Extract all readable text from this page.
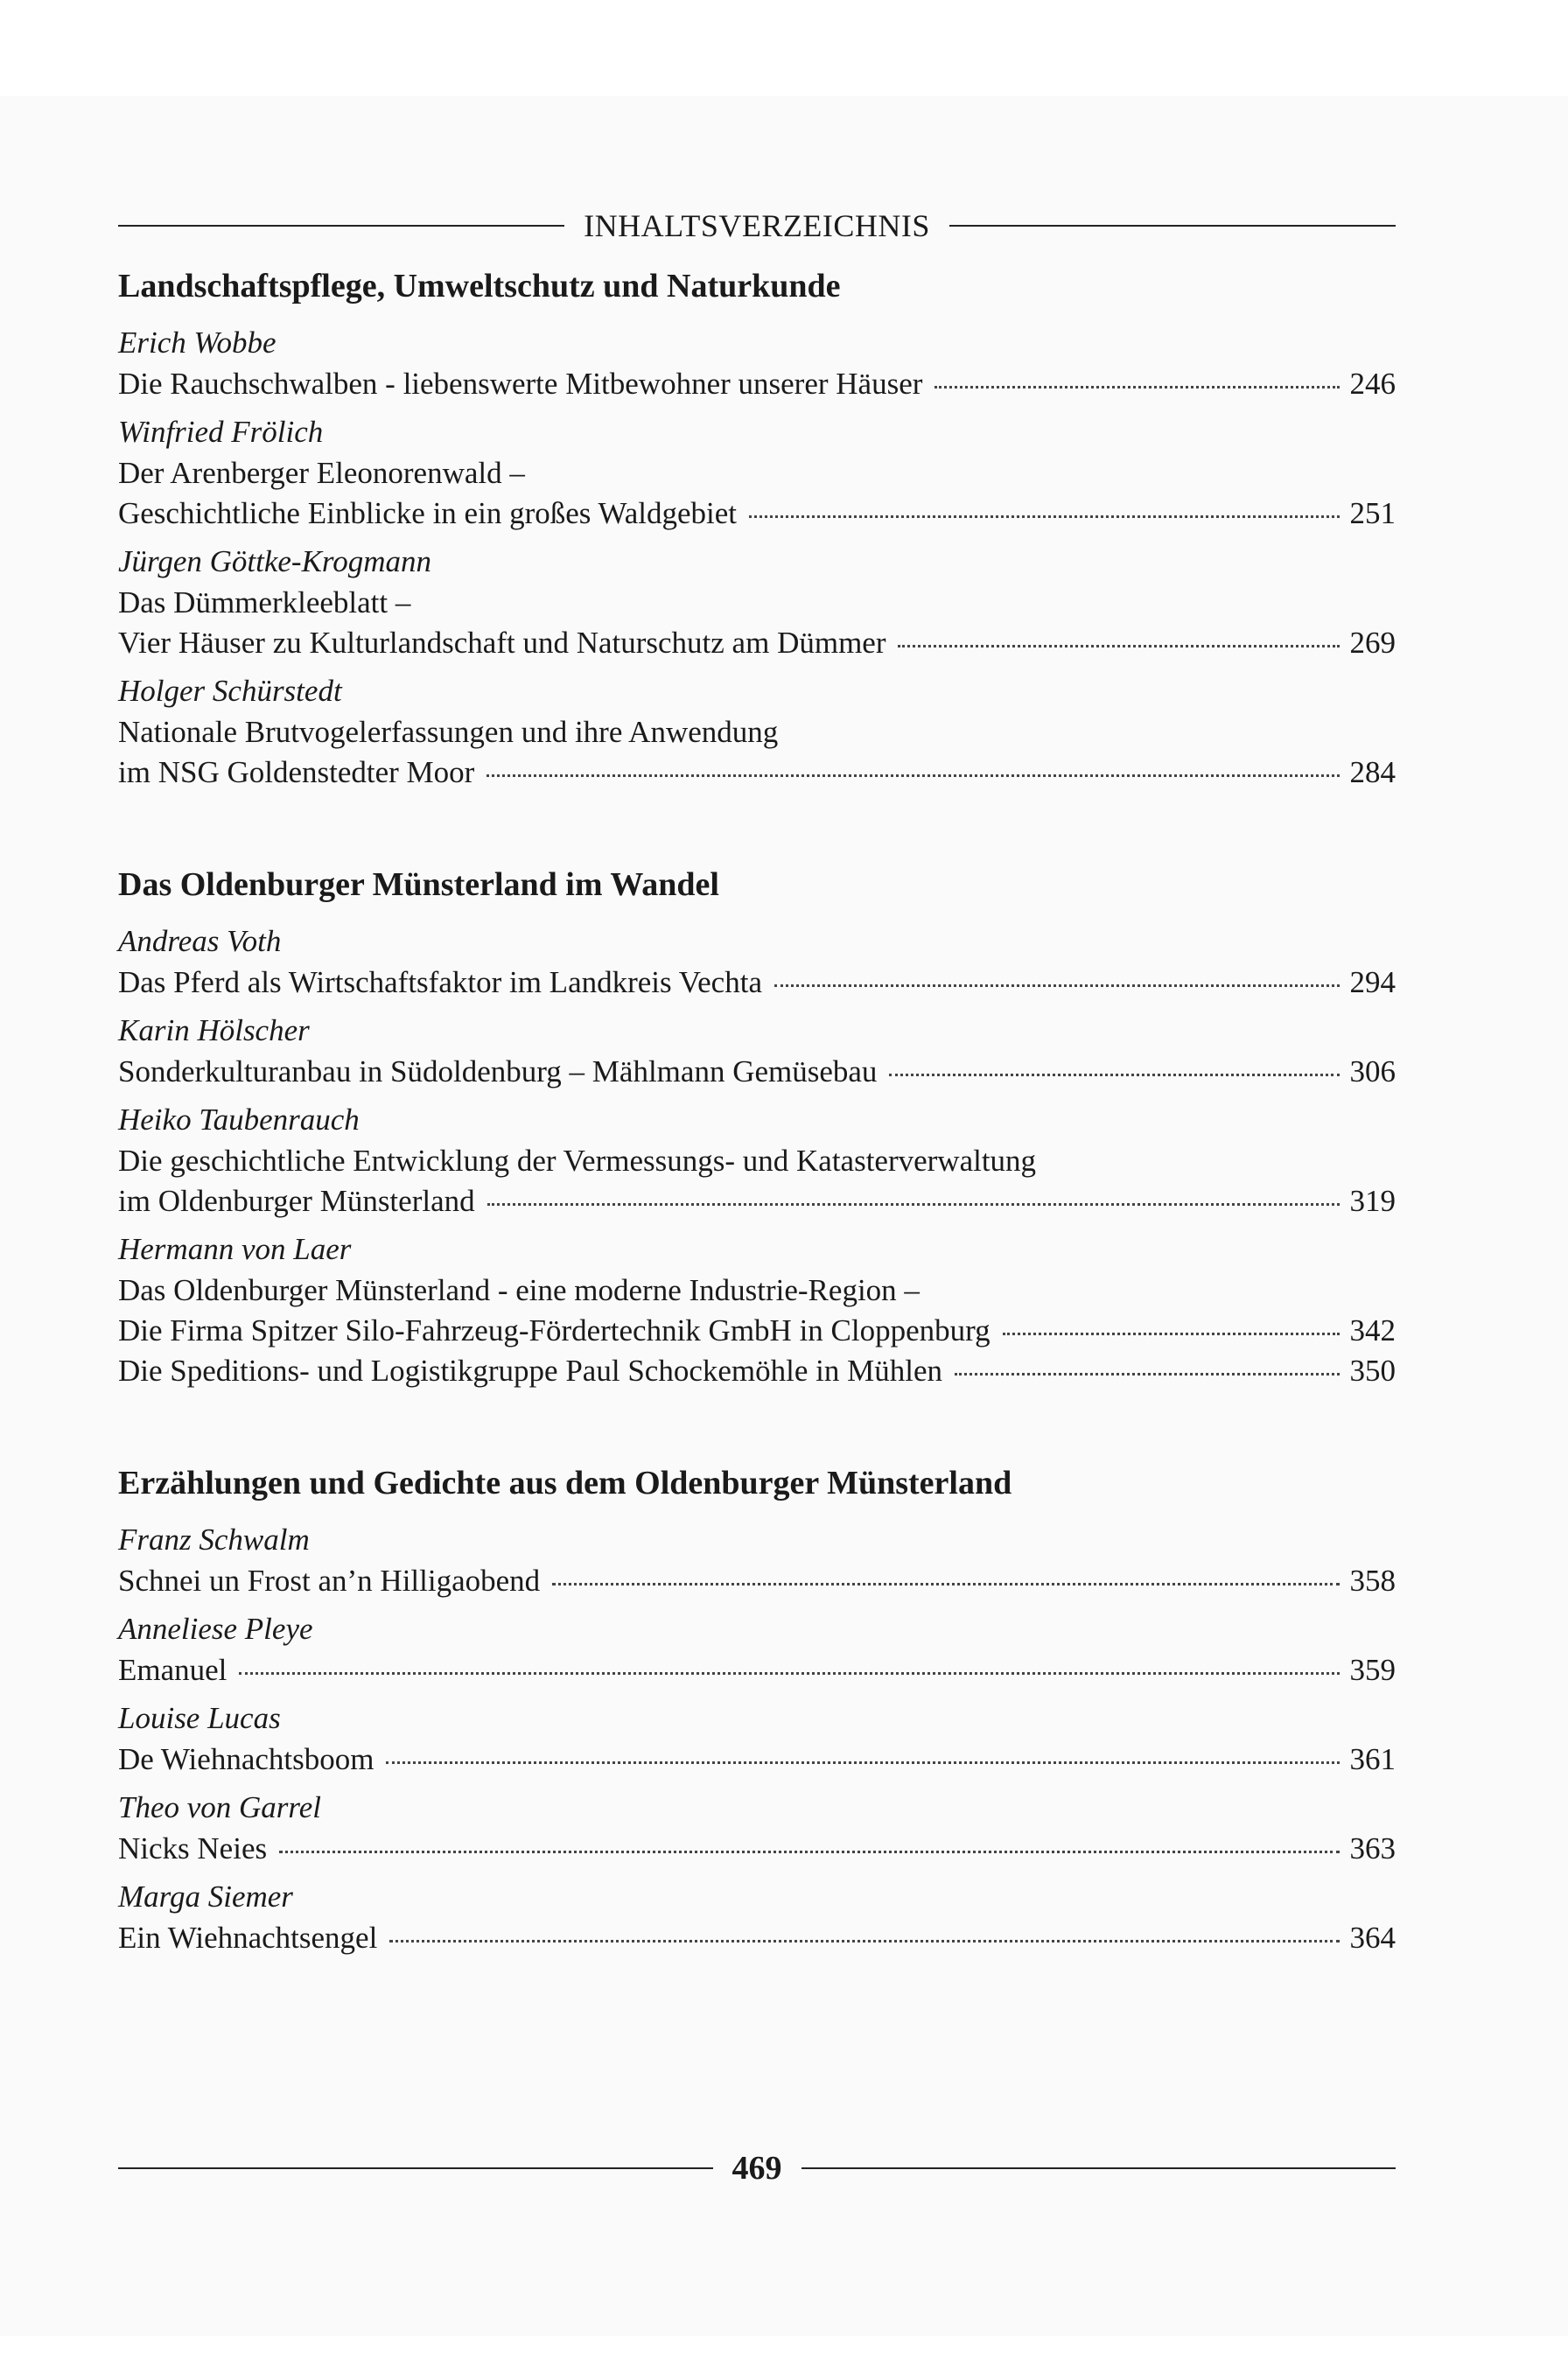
INHALTSVERZEICHNIS
Landschaftspflege, Umweltschutz und Naturkunde
Erich Wobbe
Die Rauchschwalben - liebenswerte Mitbewohner unserer Häuser	246
Winfried Frölich
Der Arenberger Eleonorenwald –
Geschichtliche Einblicke in ein großes Waldgebiet	251
Jürgen Göttke-Krogmann
Das Dümmerkleeblatt –
Vier Häuser zu Kulturlandschaft und Naturschutz am Dümmer	269
Holger Schürstedt
Nationale Brutvogelerfassungen und ihre Anwendung
im NSG Goldenstedter Moor	284
Das Oldenburger Münsterland im Wandel
Andreas Voth
Das Pferd als Wirtschaftsfaktor im Landkreis Vechta	294
Karin Hölscher
Sonderkulturanbau in Südoldenburg – Mählmann Gemüsebau	306
Heiko Taubenrauch
Die geschichtliche Entwicklung der Vermessungs- und Katasterverwaltung
im Oldenburger Münsterland	319
Hermann von Laer
Das Oldenburger Münsterland - eine moderne Industrie-Region –
Die Firma Spitzer Silo-Fahrzeug-Fördertechnik GmbH in Cloppenburg	342
Die Speditions- und Logistikgruppe Paul Schockemöhle in Mühlen	350
Erzählungen und Gedichte aus dem Oldenburger Münsterland
Franz Schwalm
Schnei un Frost an’n Hilligaobend	358
Anneliese Pleye
Emanuel	359
Louise Lucas
De Wiehnachtsboom	361
Theo von Garrel
Nicks Neies	363
Marga Siemer
Ein Wiehnachtsengel	364
469
